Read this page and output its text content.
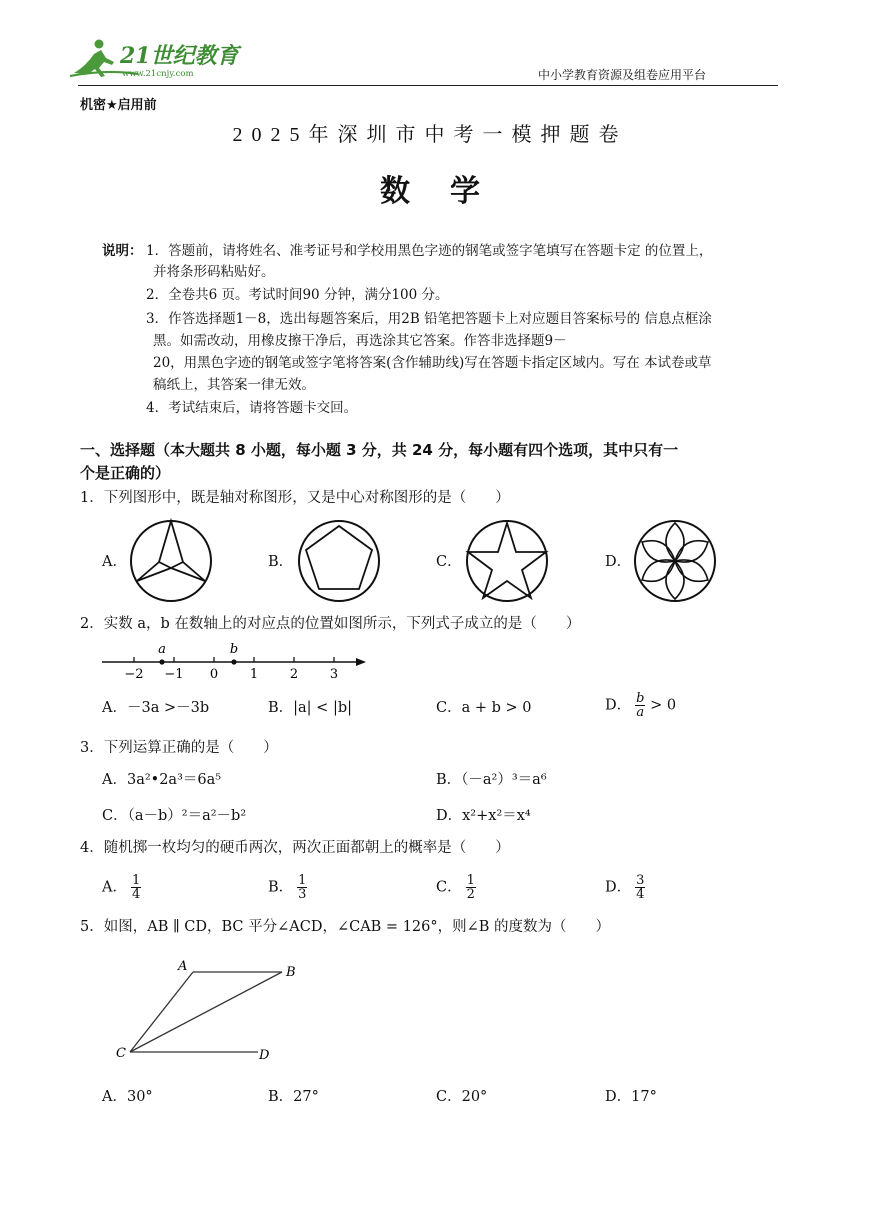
21世纪教育
www.21cnjy.com	中小学教育资源及组卷应用平台
机密★启用前
2025年深圳市中考一模押题卷
数学
说明： 1．答题前，请将姓名、准考证号和学校用黑色字迹的钢笔或签字笔填写在答题卡定 的位置上，
并将条形码粘贴好。
2．全卷共6 页。考试时间90 分钟，满分100 分。
3．作答选择题1－8，选出每题答案后，用2B 铅笔把答题卡上对应题目答案标号的 信息点框涂
黑。如需改动，用橡皮擦干净后，再选涂其它答案。作答非选择题9－
20，用黑色字迹的钢笔或签字笔将答案(含作辅助线)写在答题卡指定区域内。写在 本试卷或草
稿纸上，其答案一律无效。
4．考试结束后，请将答题卡交回。
一、选择题（本大题共 8 小题，每小题 3 分，共 24 分，每小题有四个选项，其中只有一
个是正确的）
1．下列图形中，既是轴对称图形，又是中心对称图形的是（　　）
A．	B．	C．	D．
2．实数 a，b 在数轴上的对应点的位置如图所示，下列式子成立的是（　　）
−2 −1 0 1 2 3
a	b
A．－3a >－3b	B．|a| < |b|	C．a + b > 0	D． $\frac{b}{a} > 0$
3．下列运算正确的是（　　）
A．3a²•2a³＝6a⁵	B．（－a²）³＝a⁶
C．（a－b）²＝a²－b²	D．x²+x²＝x⁴
4．随机掷一枚均匀的硬币两次，两次正面都朝上的概率是（　　）
A． $\frac{1}{4}$	B． $\frac{1}{3}$	C． $\frac{1}{2}$	D． $\frac{3}{4}$
5．如图，AB ∥ CD，BC 平分∠ACD，∠CAB = 126°，则∠B 的度数为（　　）
A	B
C	D
A．30°	B．27°	C．20°	D．17°
